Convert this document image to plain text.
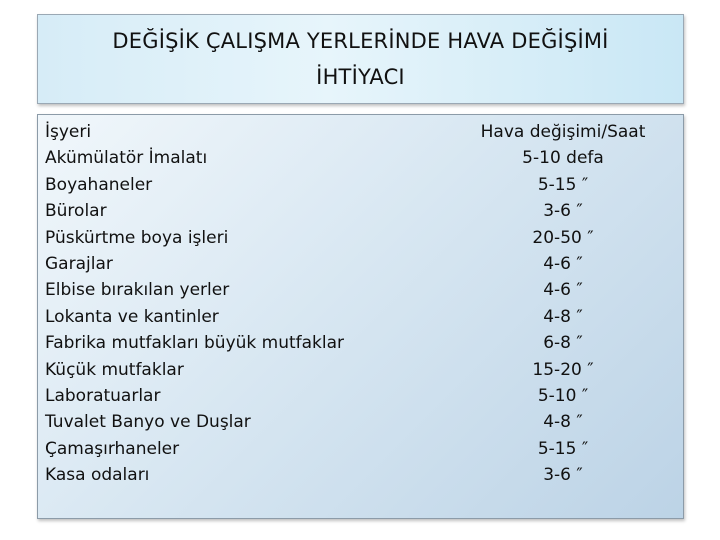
DEĞİŞİK ÇALIŞMA YERLERİNDE HAVA DEĞİŞİMİ
İHTİYACI
İşyeri
Akümülatör İmalatı
Boyahaneler
Bürolar
Püskürtme boya işleri
Garajlar
Elbise bırakılan yerler
Lokanta ve kantinler
Fabrika mutfakları büyük mutfaklar
Küçük mutfaklar
Laboratuarlar
Tuvalet Banyo ve Duşlar
Çamaşırhaneler
Kasa odaları
Hava değişimi/Saat
5-10 defa
5-15 ″
3-6 ″
20-50 ″
4-6 ″
4-6 ″
4-8 ″
6-8 ″
15-20 ″
5-10 ″
4-8 ″
5-15 ″
3-6 ″
